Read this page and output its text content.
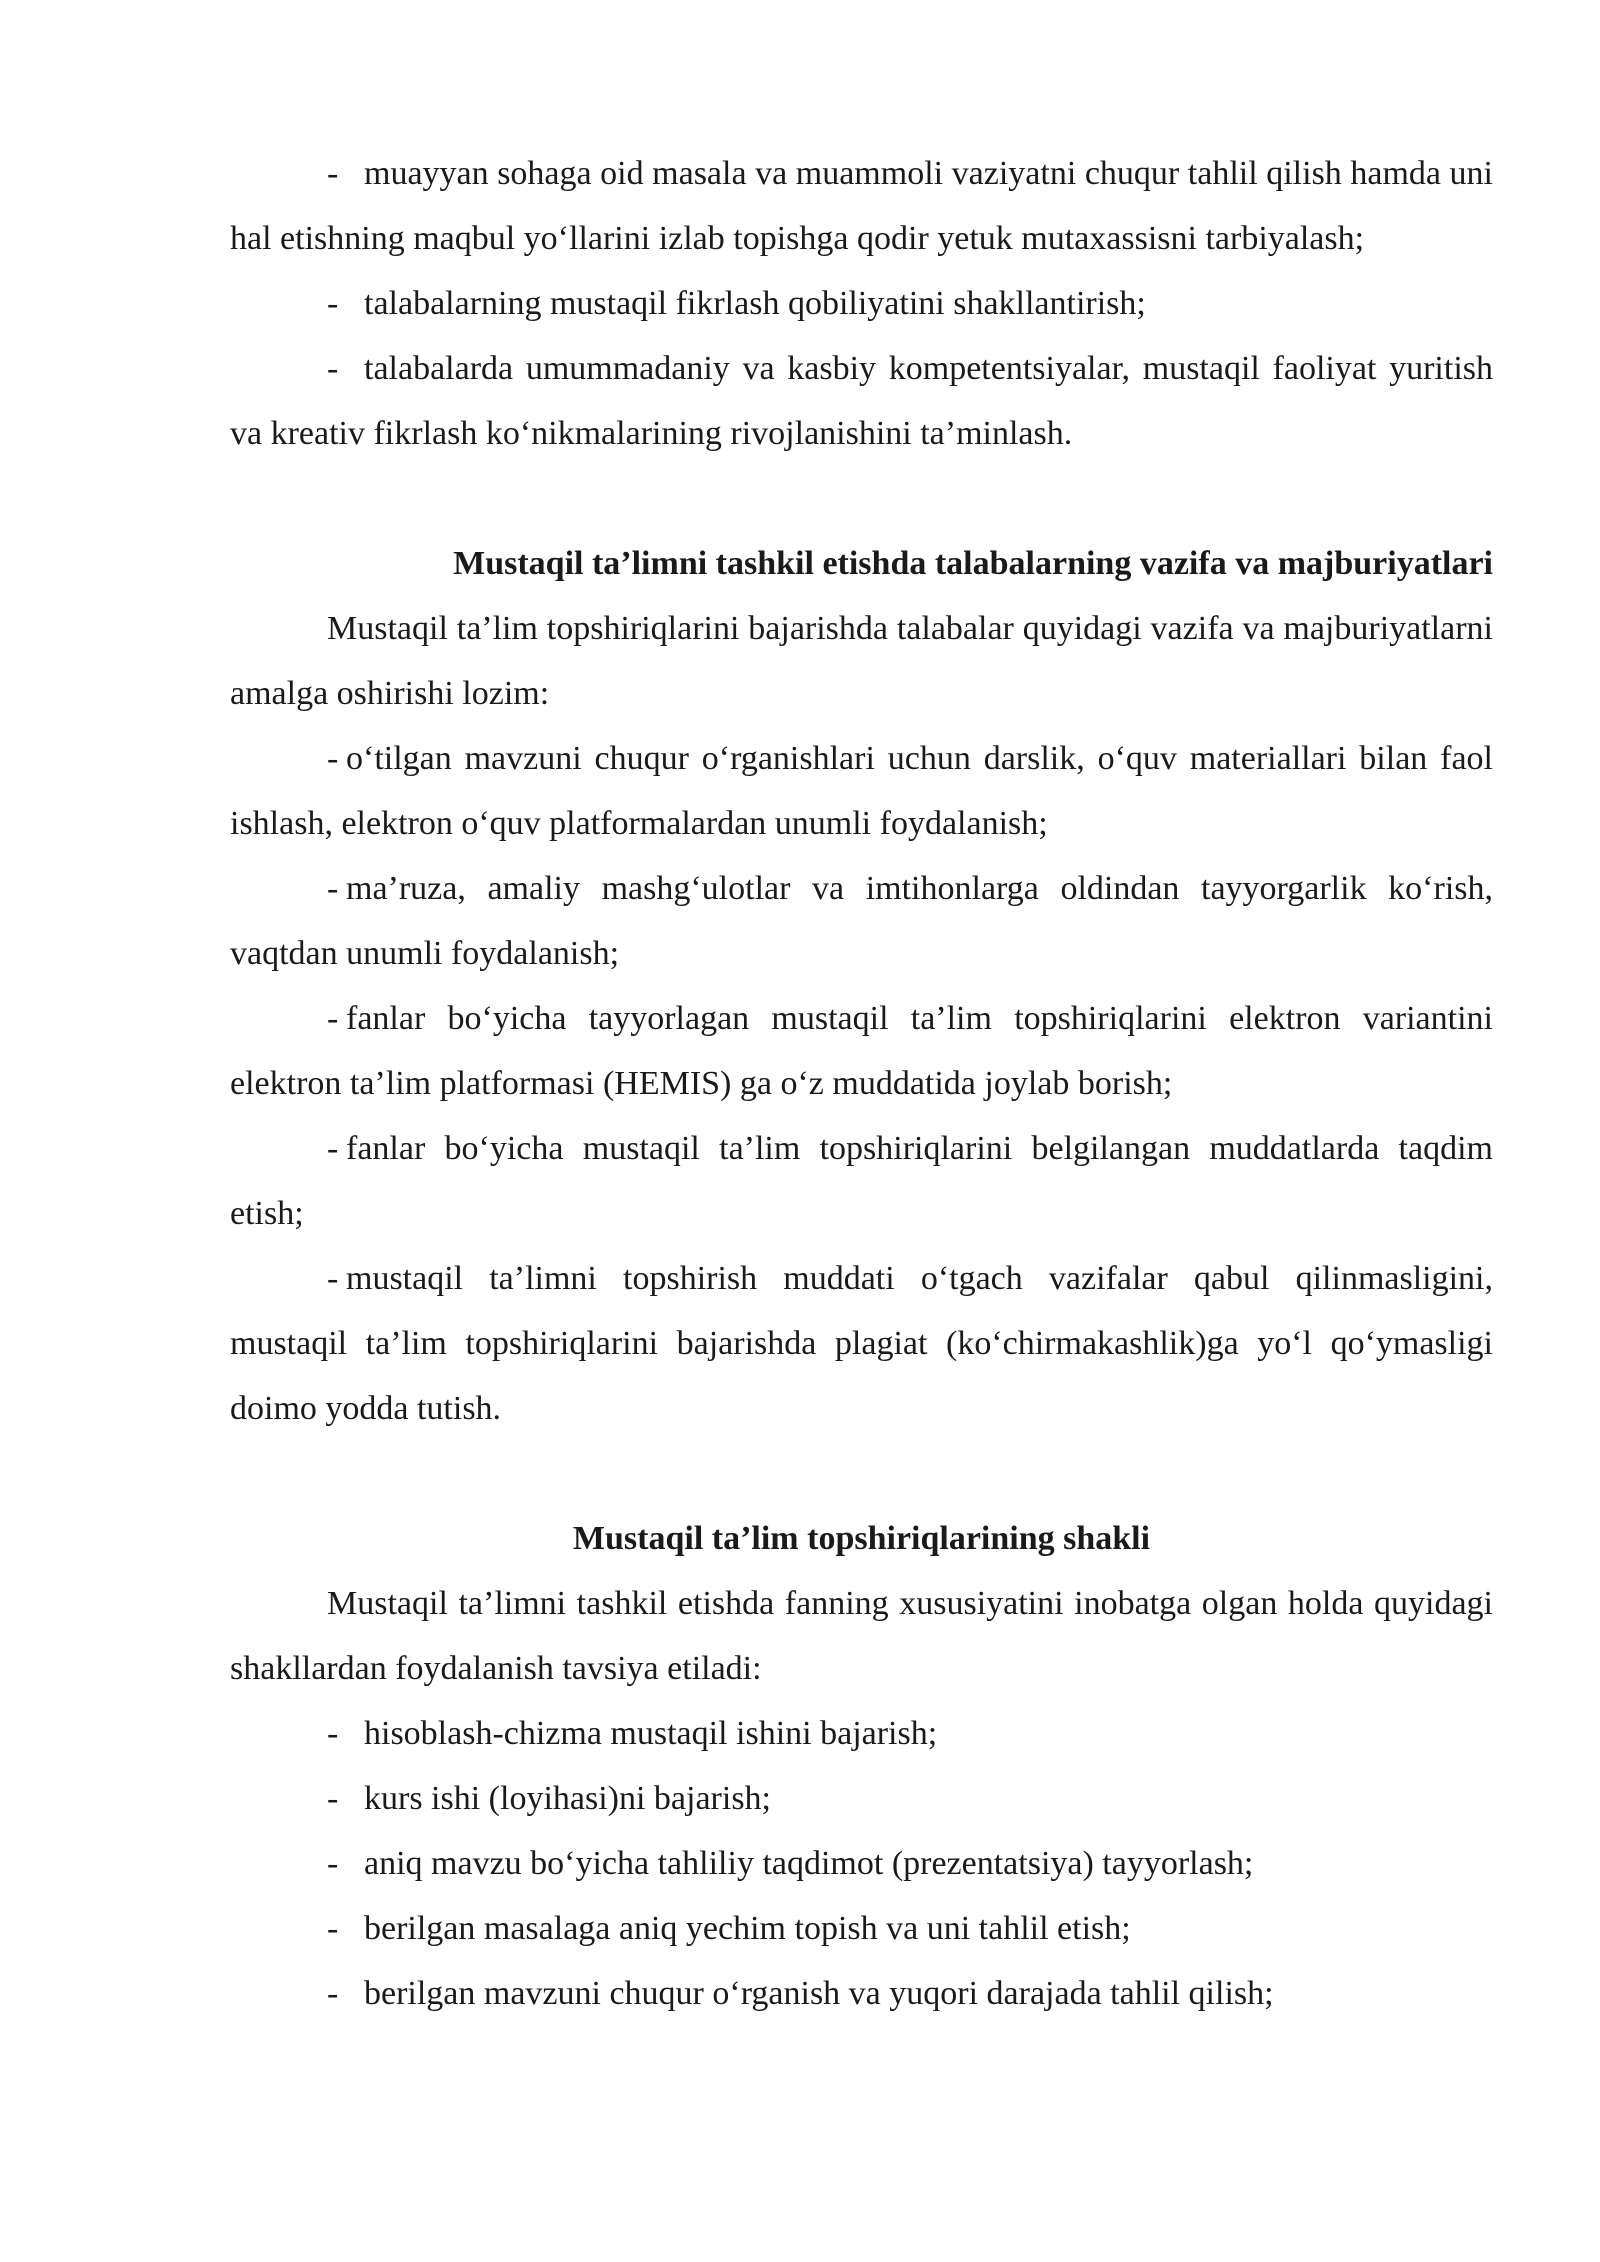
- muayyan sohaga oid masala va muammoli vaziyatni chuqur tahlil qilish hamda uni hal etishning maqbul yo‘llarini izlab topishga qodir yetuk mutaxassisni tarbiyalash;

- talabalarning mustaqil fikrlash qobiliyatini shakllantirish;

- talabalarda umummadaniy va kasbiy kompetentsiyalar, mustaqil faoliyat yuritish va kreativ fikrlash ko‘nikmalarining rivojlanishini ta’minlash.

Mustaqil ta’limni tashkil etishda talabalarning vazifa va majburiyatlari

Mustaqil ta’lim topshiriqlarini bajarishda talabalar quyidagi vazifa va majburiyatlarni amalga oshirishi lozim:

- o‘tilgan mavzuni chuqur o‘rganishlari uchun darslik, o‘quv materiallari bilan faol ishlash, elektron o‘quv platformalardan unumli foydalanish;

- ma’ruza, amaliy mashg‘ulotlar va imtihonlarga oldindan tayyorgarlik ko‘rish, vaqtdan unumli foydalanish;

- fanlar bo‘yicha tayyorlagan mustaqil ta’lim topshiriqlarini elektron variantini elektron ta’lim platformasi (HEMIS) ga o‘z muddatida joylab borish;

- fanlar bo‘yicha mustaqil ta’lim topshiriqlarini belgilangan muddatlarda taqdim etish;

- mustaqil ta’limni topshirish muddati o‘tgach vazifalar qabul qilinmasligini, mustaqil ta’lim topshiriqlarini bajarishda plagiat (ko‘chirmakashlik)ga yo‘l qo‘ymasligi doimo yodda tutish.

Mustaqil ta’lim topshiriqlarining shakli

Mustaqil ta’limni tashkil etishda fanning xususiyatini inobatga olgan holda quyidagi shakllardan foydalanish tavsiya etiladi:

- hisoblash-chizma mustaqil ishini bajarish;

- kurs ishi (loyihasi)ni bajarish;

- aniq mavzu bo‘yicha tahliliy taqdimot (prezentatsiya) tayyorlash;

- berilgan masalaga aniq yechim topish va uni tahlil etish;

- berilgan mavzuni chuqur o‘rganish va yuqori darajada tahlil qilish;
